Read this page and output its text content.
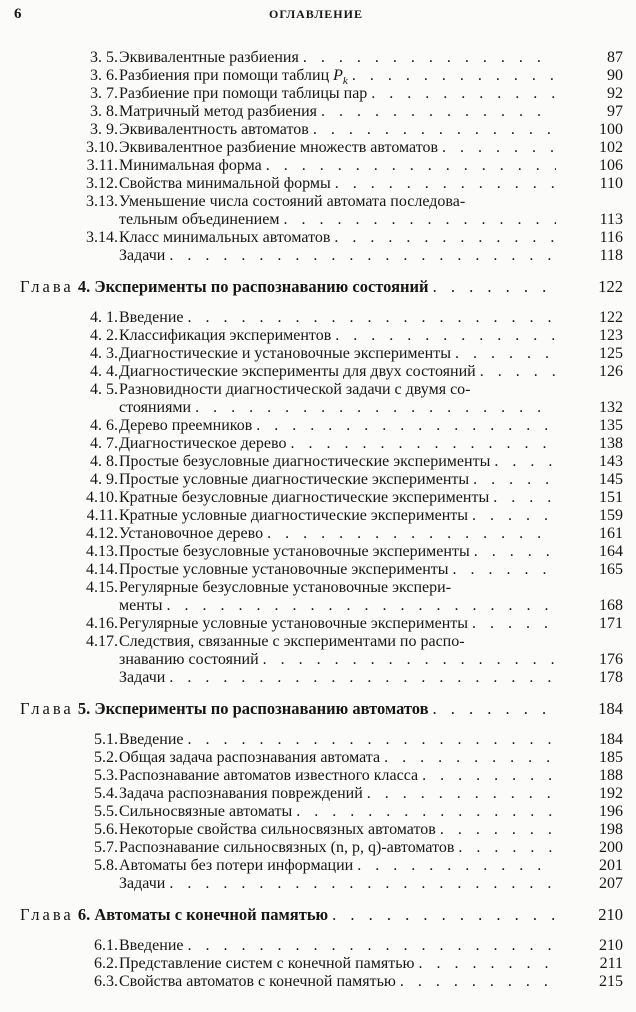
6	ОГЛАВЛЕНИЕ
3. 5. Эквивалентные разбиения . . .	87
3. 6. Разбиения при помощи таблиц $P_k$ . . .	90
3. 7. Разбиение при помощи таблицы пар . . .	92
3. 8. Матричный метод разбиения . . .	97
3. 9. Эквивалентность автоматов . . .	100
3.10. Эквивалентное разбиение множеств автоматов . . .	102
3.11. Минимальная форма . . .	106
3.12. Свойства минимальной формы . . .	110
3.13. Уменьшение числа состояний автомата последова-
тельным объединением . . .	113
3.14. Класс минимальных автоматов . . .	116
Задачи . . .	118
Глава 4. Эксперименты по распознаванию состояний . . .	122
4. 1. Введение . . .	122
4. 2. Классификация экспериментов . . .	123
4. 3. Диагностические и установочные эксперименты . . .	125
4. 4. Диагностические эксперименты для двух состояний . . .	126
4. 5. Разновидности диагностической задачи с двумя со-
стояниями . . .	132
4. 6. Дерево преемников . . .	135
4. 7. Диагностическое дерево . . .	138
4. 8. Простые безусловные диагностические эксперименты . . .	143
4. 9. Простые условные диагностические эксперименты . . .	145
4.10. Кратные безусловные диагностические эксперименты . . .	151
4.11. Кратные условные диагностические эксперименты . . .	159
4.12. Установочное дерево . . .	161
4.13. Простые безусловные установочные эксперименты . . .	164
4.14. Простые условные установочные эксперименты . . .	165
4.15. Регулярные безусловные установочные экспери-
менты . . .	168
4.16. Регулярные условные установочные эксперименты . . .	171
4.17. Следствия, связанные с экспериментами по распо-
знаванию состояний . . .	176
Задачи . . .	178
Глава 5. Эксперименты по распознаванию автоматов . . .	184
5.1. Введение . . .	184
5.2. Общая задача распознавания автомата . . .	185
5.3. Распознавание автоматов известного класса . . .	188
5.4. Задача распознавания повреждений . . .	192
5.5. Сильносвязные автоматы . . .	196
5.6. Некоторые свойства сильносвязных автоматов . . .	198
5.7. Распознавание сильносвязных (n, p, q)-автоматов . . .	200
5.8. Автоматы без потери информации . . .	201
Задачи . . .	207
Глава 6. Автоматы с конечной памятью . . .	210
6.1. Введение . . .	210
6.2. Представление систем с конечной памятью . . .	211
6.3. Свойства автоматов с конечной памятью . . .	215
